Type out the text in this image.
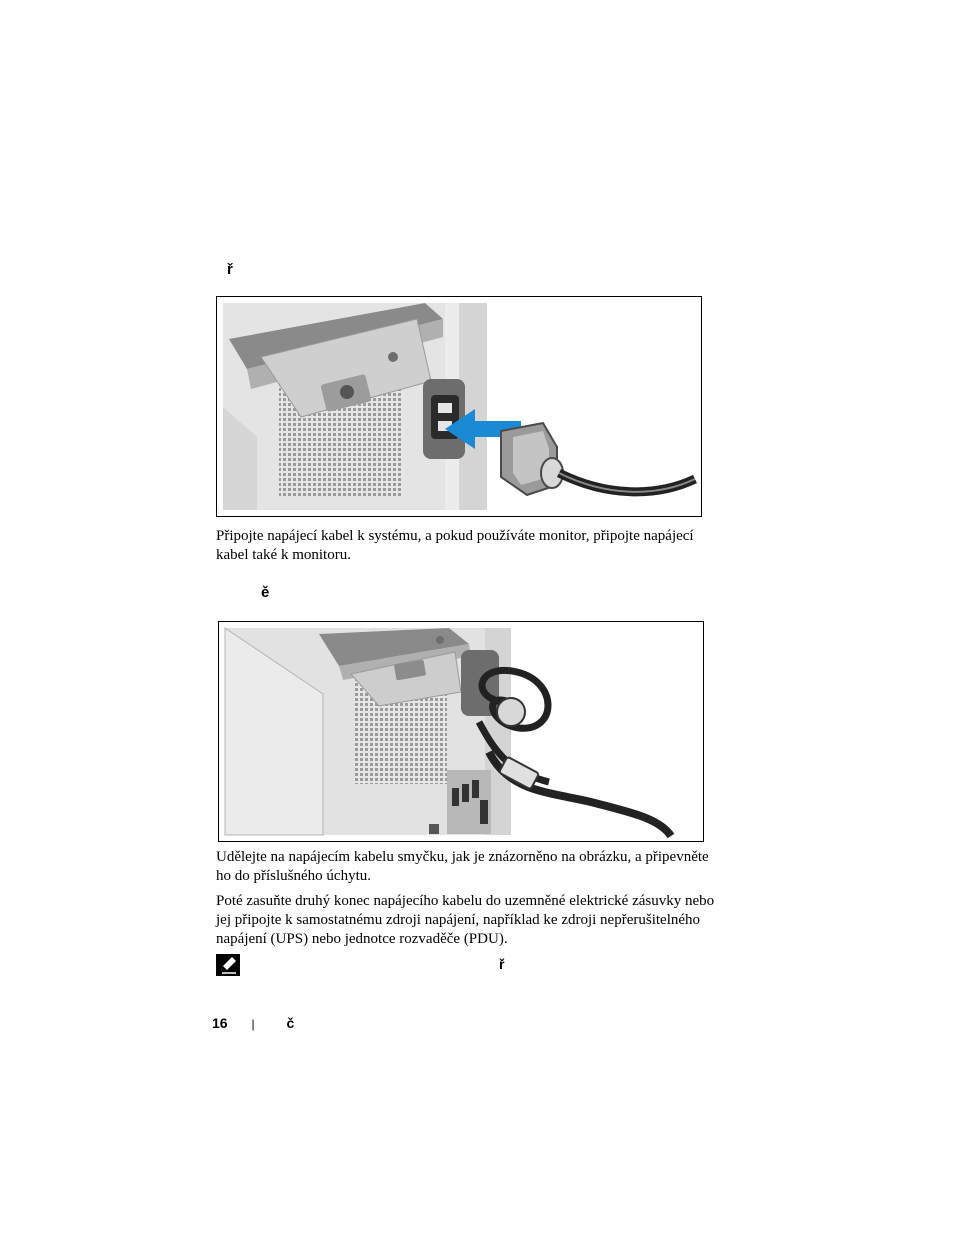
ř

Připojte napájecí kabel k systému, a pokud používáte monitor, připojte napájecí kabel také k monitoru.

ě

Udělejte na napájecím kabelu smyčku, jak je znázorněno na obrázku, a připevněte ho do příslušného úchytu.

Poté zasuňte druhý konec napájecího kabelu do uzemněné elektrické zásuvky nebo jej připojte k samostatnému zdroji napájení, například ke zdroji nepřerušitelného napájení (UPS) nebo jednotce rozvaděče (PDU).

ř
16 | č
